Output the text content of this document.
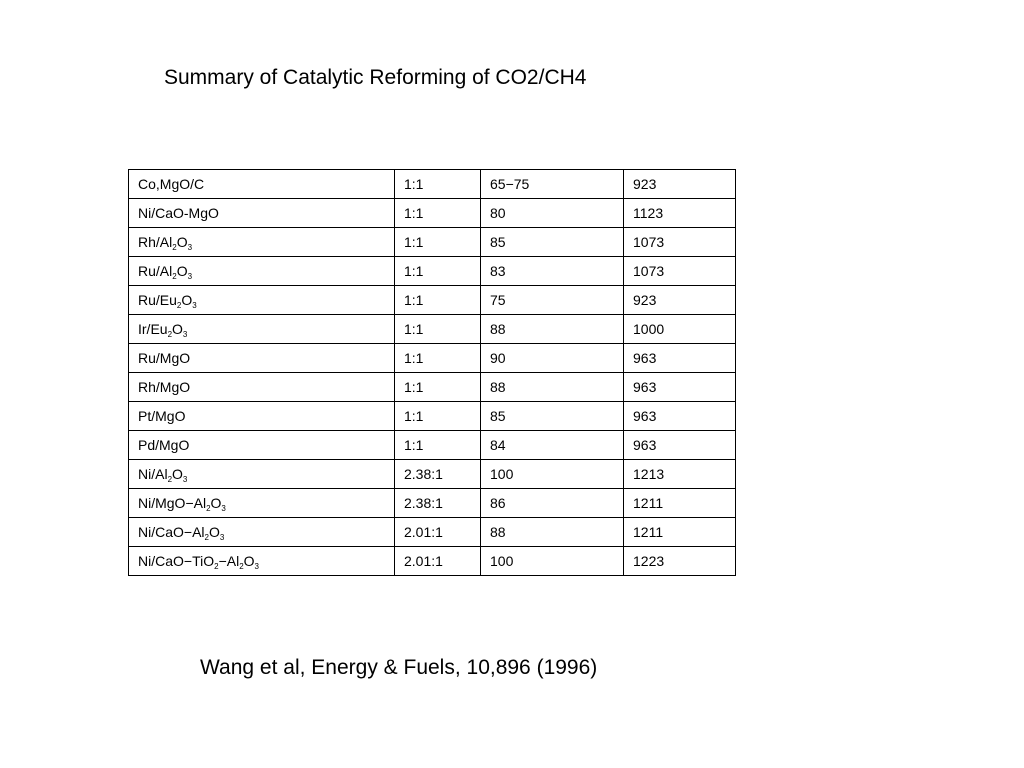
Summary of Catalytic Reforming of CO2/CH4
Co,MgO/C	1:1	65−75	923
Ni/CaO-MgO	1:1	80	1123
$Rh/Al_2O_3$	1:1	85	1073
$Ru/Al_2O_3$	1:1	83	1073
$Ru/Eu_2O_3$	1:1	75	923
$Ir/Eu_2O_3$	1:1	88	1000
Ru/MgO	1:1	90	963
Rh/MgO	1:1	88	963
Pt/MgO	1:1	85	963
Pd/MgO	1:1	84	963
$Ni/Al_2O_3$	2.38:1	100	1213
$Ni/MgO-Al_2O_3$	2.38:1	86	1211
$Ni/CaO-Al_2O_3$	2.01:1	88	1211
$Ni/CaO-TiO_2-Al_2O_3$	2.01:1	100	1223
Wang et al, Energy & Fuels, 10,896 (1996)
